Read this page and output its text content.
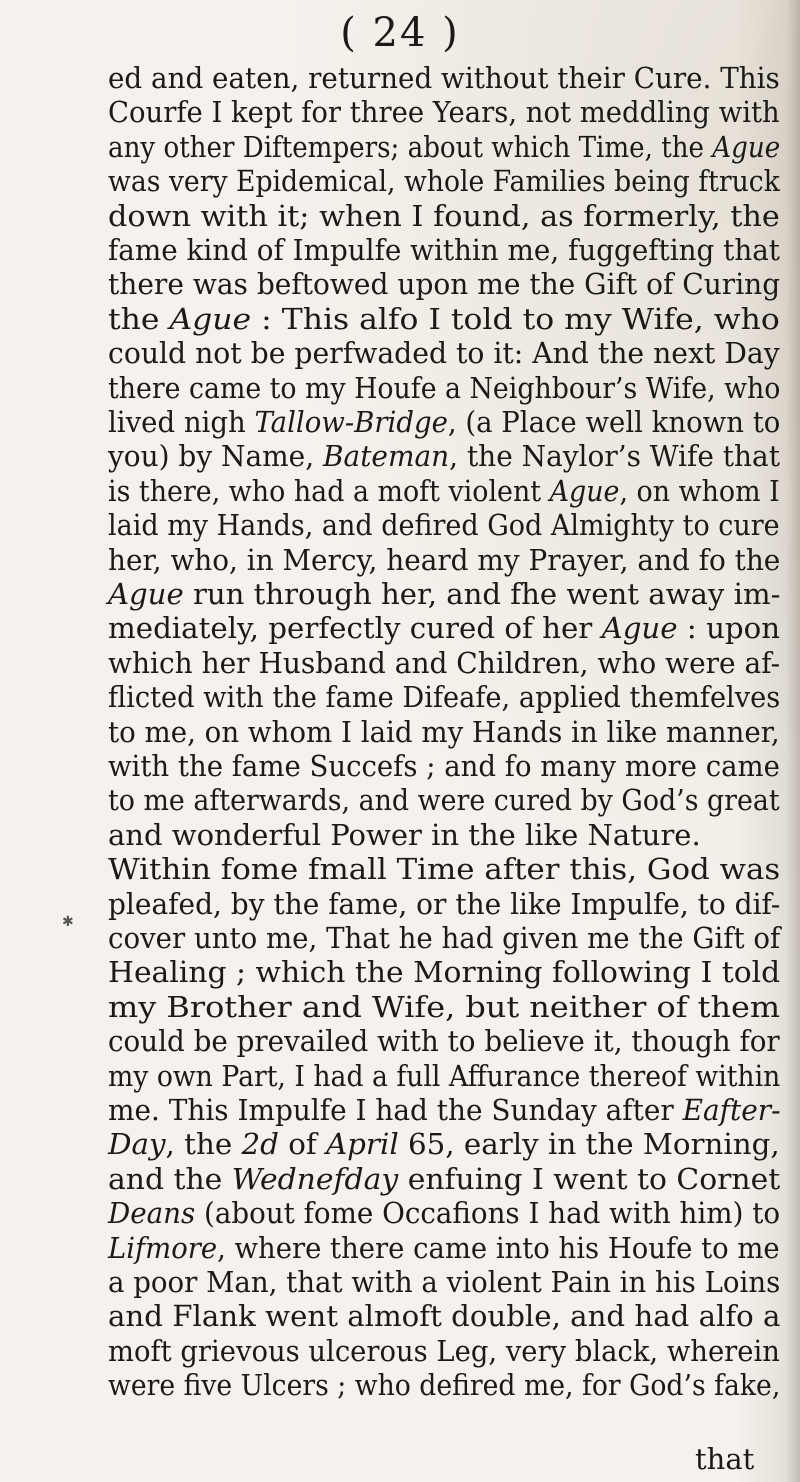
( 24 )
ed and eaten, returned without their Cure. This
Courfe I kept for three Years, not meddling with
any other Diftempers; about which Time, the Ague
was very Epidemical, whole Families being ftruck
down with it; when I found, as formerly, the
fame kind of Impulfe within me, fuggefting that
there was beftowed upon me the Gift of Curing
the Ague : This alfo I told to my Wife, who
could not be perfwaded to it: And the next Day
there came to my Houfe a Neighbour’s Wife, who
lived nigh Tallow-Bridge, (a Place well known to
you) by Name, Bateman, the Naylor’s Wife that
is there, who had a moft violent Ague, on whom I
laid my Hands, and defired God Almighty to cure
her, who, in Mercy, heard my Prayer, and fo the
Ague run through her, and fhe went away im-
mediately, perfectly cured of her Ague : upon
which her Husband and Children, who were af-
flicted with the fame Difeafe, applied themfelves
to me, on whom I laid my Hands in like manner,
with the fame Succefs ; and fo many more came
to me afterwards, and were cured by God’s great
and wonderful Power in the like Nature.
Within fome fmall Time after this, God was
pleafed, by the fame, or the like Impulfe, to dif-
cover unto me, That he had given me the Gift of
Healing ; which the Morning following I told
my Brother and Wife, but neither of them
could be prevailed with to believe it, though for
my own Part, I had a full Affurance thereof within
me. This Impulfe I had the Sunday after Eafter-
Day, the 2d of April 65, early in the Morning,
and the Wednefday enfuing I went to Cornet
Deans (about fome Occafions I had with him) to
Lifmore, where there came into his Houfe to me
a poor Man, that with a violent Pain in his Loins
and Flank went almoft double, and had alfo a
moft grievous ulcerous Leg, very black, wherein
were five Ulcers ; who defired me, for God’s fake,
that
✱
